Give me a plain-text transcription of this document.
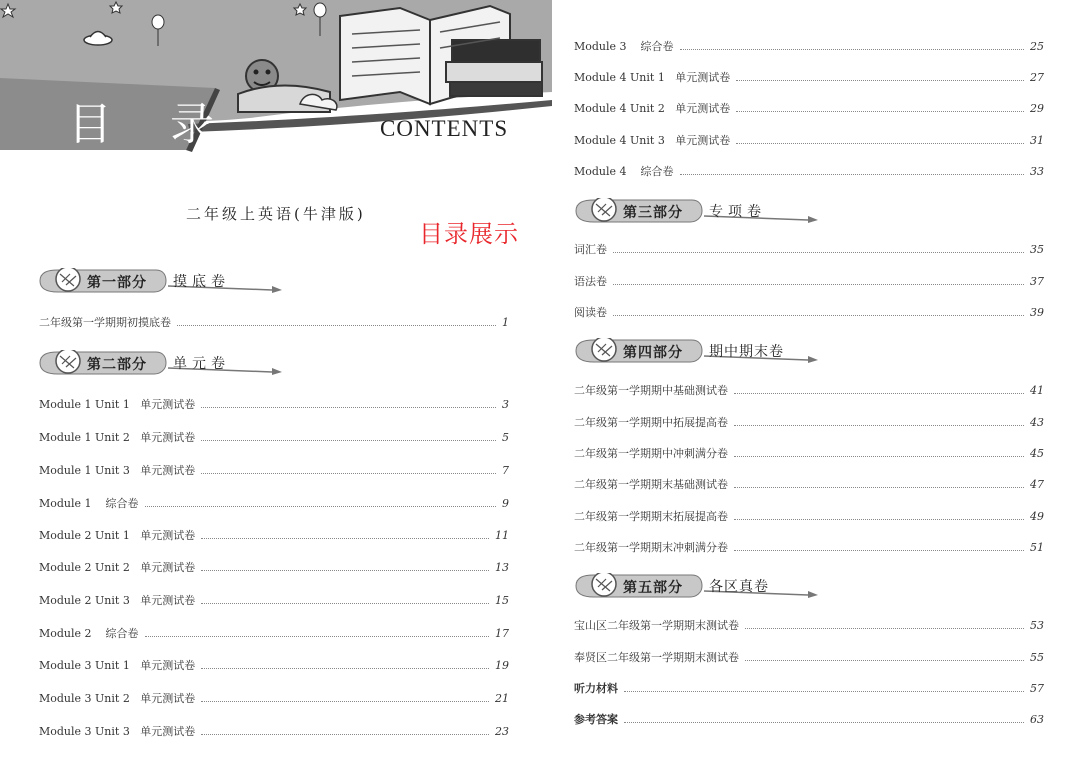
目 录	CONTENTS
二年级上英语(牛津版)
目录展示
第一部分 摸底卷
第二部分 单元卷
第三部分 专项卷
第四部分 期中期末卷
第五部分 各区真卷
二年级第一学期期初摸底卷	1
Module 1 Unit 1   单元测试卷	3
Module 1 Unit 2   单元测试卷	5
Module 1 Unit 3   单元测试卷	7
Module 1    综合卷	9
Module 2 Unit 1   单元测试卷	11
Module 2 Unit 2   单元测试卷	13
Module 2 Unit 3   单元测试卷	15
Module 2    综合卷	17
Module 3 Unit 1   单元测试卷	19
Module 3 Unit 2   单元测试卷	21
Module 3 Unit 3   单元测试卷	23
Module 3    综合卷	25
Module 4 Unit 1   单元测试卷	27
Module 4 Unit 2   单元测试卷	29
Module 4 Unit 3   单元测试卷	31
Module 4    综合卷	33
词汇卷	35
语法卷	37
阅读卷	39
二年级第一学期期中基础测试卷	41
二年级第一学期期中拓展提高卷	43
二年级第一学期期中冲刺满分卷	45
二年级第一学期期末基础测试卷	47
二年级第一学期期末拓展提高卷	49
二年级第一学期期末冲刺满分卷	51
宝山区二年级第一学期期末测试卷	53
奉贤区二年级第一学期期末测试卷	55
听力材料	57
参考答案	63
